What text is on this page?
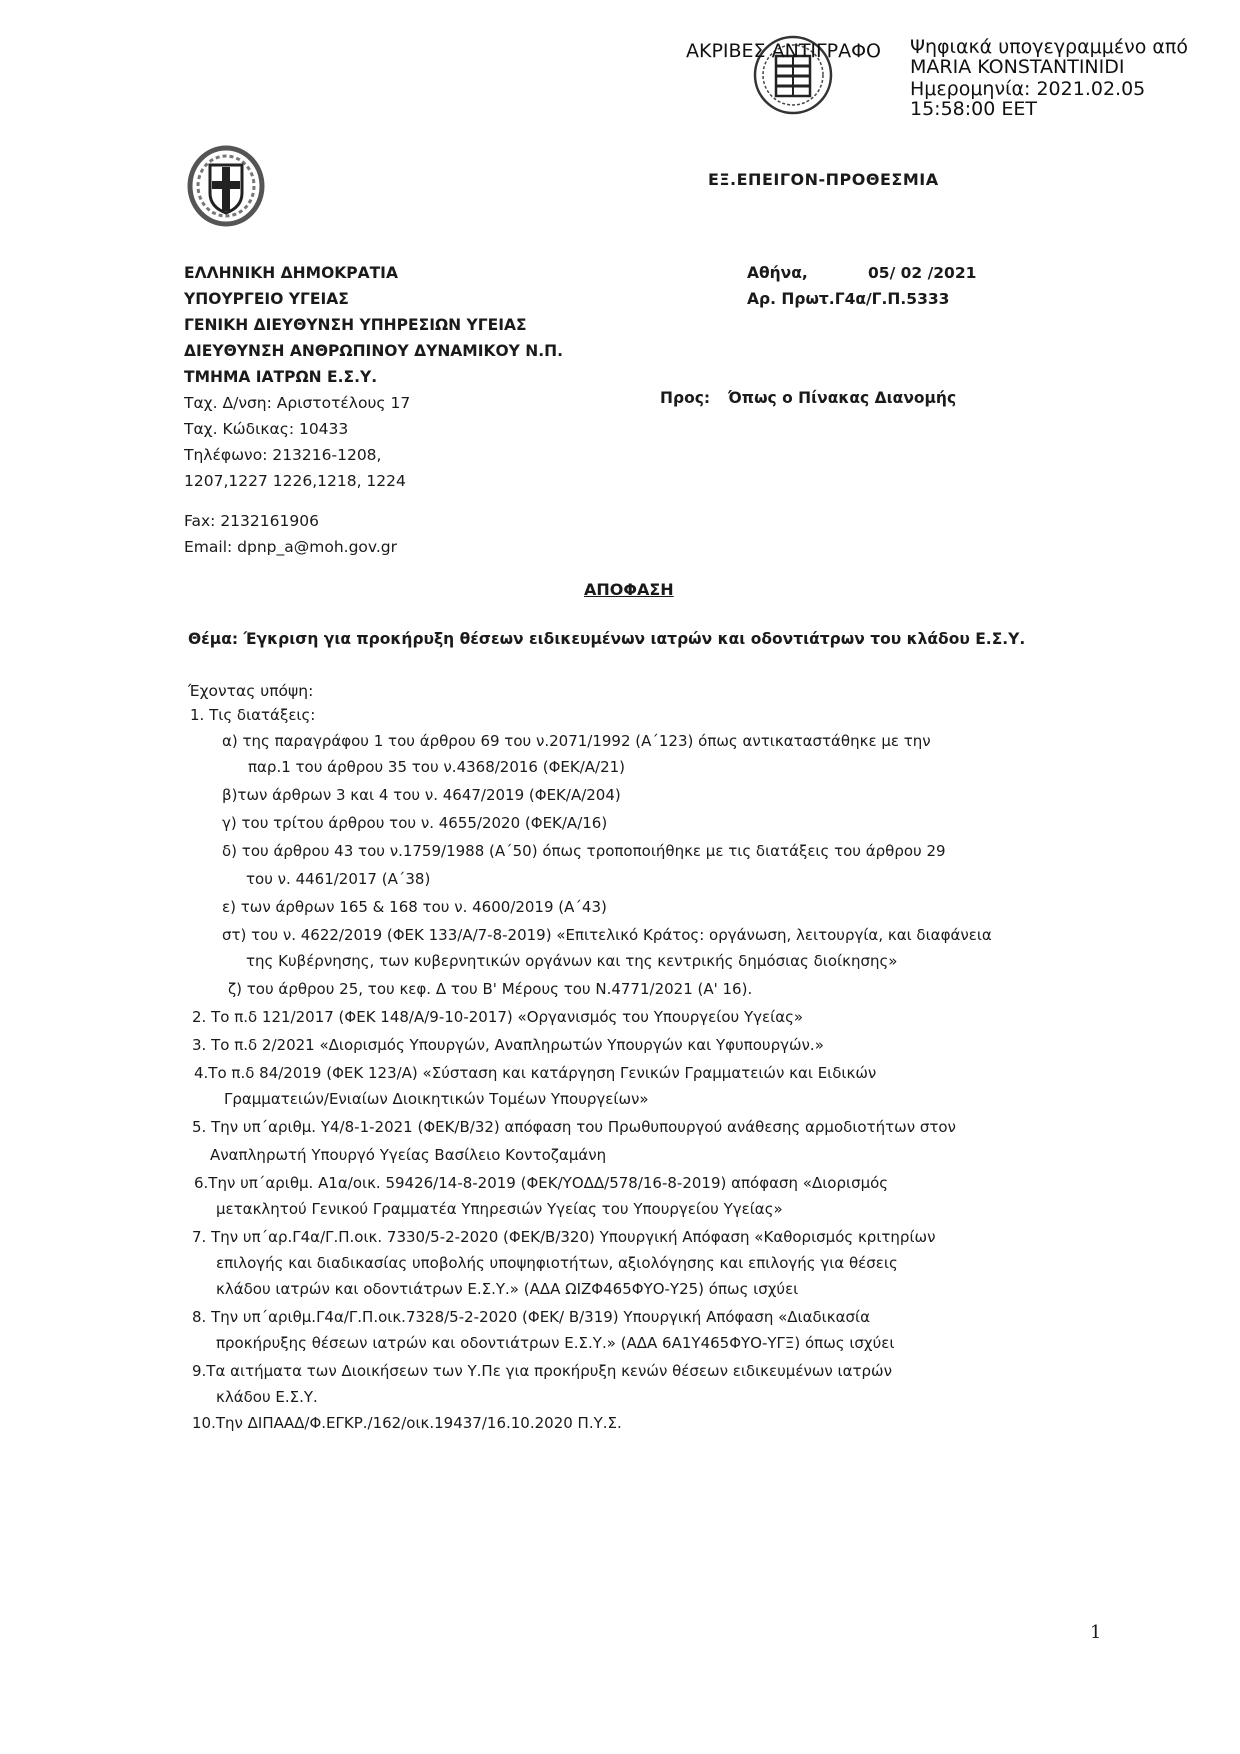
ΑΚΡΙΒΕΣ ΑΝΤΙΓΡΑΦΟ Ψηφιακά υπογεγραμμένο από
MARIA KONSTANTINIDI
Ημερομηνία: 2021.02.05
15:58:00 EET
ΕΞ.ΕΠΕΙΓΟΝ-ΠΡΟΘΕΣΜΙΑ
ΕΛΛΗΝΙΚΗ ΔΗΜΟΚΡΑΤΙΑ
ΥΠΟΥΡΓΕΙΟ ΥΓΕΙΑΣ
ΓΕΝΙΚΗ ΔΙΕΥΘΥΝΣΗ ΥΠΗΡΕΣΙΩΝ ΥΓΕΙΑΣ
ΔΙΕΥΘΥΝΣΗ ΑΝΘΡΩΠΙΝΟΥ ΔΥΝΑΜΙΚΟΥ Ν.Π.
ΤΜΗΜΑ ΙΑΤΡΩΝ Ε.Σ.Υ.
Ταχ. Δ/νση: Αριστοτέλους 17
Ταχ. Κώδικας: 10433
Τηλέφωνο: 213216-1208,
1207,1227 1226,1218, 1224
Fax: 2132161906
Email: dpnp_a@moh.gov.gr
Αθήνα,	05/ 02 /2021
Αρ. Πρωτ.Γ4α/Γ.Π.5333
Προς: Όπως ο Πίνακας Διανομής
ΑΠΟΦΑΣΗ
Θέμα: Έγκριση για προκήρυξη θέσεων ειδικευμένων ιατρών και οδοντιάτρων του κλάδου Ε.Σ.Υ.
Έχοντας υπόψη:
1. Τις διατάξεις:
α) της παραγράφου 1 του άρθρου 69 του ν.2071/1992 (Α΄123) όπως αντικαταστάθηκε με την
παρ.1 του άρθρου 35 του ν.4368/2016 (ΦΕΚ/Α/21)
β)των άρθρων 3 και 4 του ν. 4647/2019 (ΦΕΚ/Α/204)
γ) του τρίτου άρθρου του ν. 4655/2020 (ΦΕΚ/Α/16)
δ) του άρθρου 43 του ν.1759/1988 (Α΄50) όπως τροποποιήθηκε με τις διατάξεις του άρθρου 29
του ν. 4461/2017 (Α΄38)
ε) των άρθρων 165 & 168 του ν. 4600/2019 (Α΄43)
στ) του ν. 4622/2019 (ΦΕΚ 133/Α/7-8-2019) «Επιτελικό Κράτος: οργάνωση, λειτουργία, και διαφάνεια
της Κυβέρνησης, των κυβερνητικών οργάνων και της κεντρικής δημόσιας διοίκησης»
ζ) του άρθρου 25, του κεφ. Δ του Β' Μέρους του Ν.4771/2021 (Α' 16).
2. Το π.δ 121/2017 (ΦΕΚ 148/Α/9-10-2017) «Οργανισμός του Υπουργείου Υγείας»
3. Το π.δ 2/2021 «Διορισμός Υπουργών, Αναπληρωτών Υπουργών και Υφυπουργών.»
4.Το π.δ 84/2019 (ΦΕΚ 123/Α) «Σύσταση και κατάργηση Γενικών Γραμματειών και Ειδικών
Γραμματειών/Ενιαίων Διοικητικών Τομέων Υπουργείων»
5. Την υπ΄αριθμ. Υ4/8-1-2021 (ΦΕΚ/Β/32) απόφαση του Πρωθυπουργού ανάθεσης αρμοδιοτήτων στον
Αναπληρωτή Υπουργό Υγείας Βασίλειο Κοντοζαμάνη
6.Την υπ΄αριθμ. Α1α/οικ. 59426/14-8-2019 (ΦΕΚ/ΥΟΔΔ/578/16-8-2019) απόφαση «Διορισμός
μετακλητού Γενικού Γραμματέα Υπηρεσιών Υγείας του Υπουργείου Υγείας»
7. Την υπ΄αρ.Γ4α/Γ.Π.οικ. 7330/5-2-2020 (ΦΕΚ/Β/320) Υπουργική Απόφαση «Καθορισμός κριτηρίων
επιλογής και διαδικασίας υποβολής υποψηφιοτήτων, αξιολόγησης και επιλογής για θέσεις
κλάδου ιατρών και οδοντιάτρων Ε.Σ.Υ.» (ΑΔΑ ΩΙΖΦ465ΦΥΟ-Υ25) όπως ισχύει
8. Την υπ΄αριθμ.Γ4α/Γ.Π.οικ.7328/5-2-2020 (ΦΕΚ/ Β/319) Υπουργική Απόφαση «Διαδικασία
προκήρυξης θέσεων ιατρών και οδοντιάτρων Ε.Σ.Υ.» (ΑΔΑ 6Α1Υ465ΦΥΟ-ΥΓΞ) όπως ισχύει
9.Τα αιτήματα των Διοικήσεων των Υ.Πε για προκήρυξη κενών θέσεων ειδικευμένων ιατρών
κλάδου Ε.Σ.Υ.
10.Την ΔΙΠΑΑΔ/Φ.ΕΓΚΡ./162/οικ.19437/16.10.2020 Π.Υ.Σ.
1
